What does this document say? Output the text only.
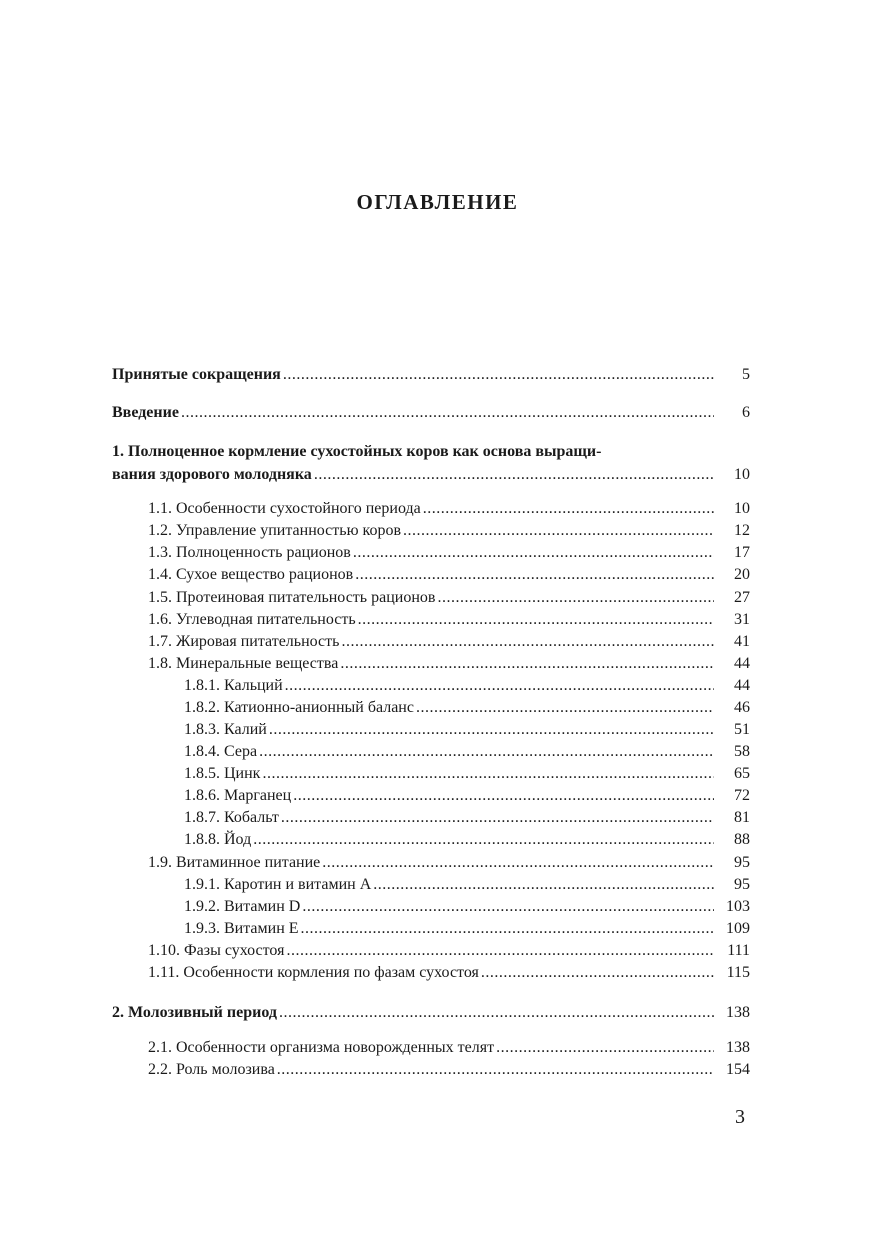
ОГЛАВЛЕНИЕ
Принятые сокращения .....	5
Введение .....	6
1. Полноценное кормление сухостойных коров как основа выращи-
вания здорового молодняка .....	10
1.1. Особенности сухостойного периода .....	10
1.2. Управление упитанностью коров .....	12
1.3. Полноценность рационов .....	17
1.4. Сухое вещество рационов .....	20
1.5. Протеиновая питательность рационов .....	27
1.6. Углеводная питательность .....	31
1.7. Жировая питательность .....	41
1.8. Минеральные вещества .....	44
1.8.1. Кальций .....	44
1.8.2. Катионно-анионный баланс .....	46
1.8.3. Калий .....	51
1.8.4. Сера .....	58
1.8.5. Цинк .....	65
1.8.6. Марганец .....	72
1.8.7. Кобальт .....	81
1.8.8. Йод .....	88
1.9. Витаминное питание .....	95
1.9.1. Каротин и витамин А .....	95
1.9.2. Витамин D .....	103
1.9.3. Витамин Е .....	109
1.10. Фазы сухостоя .....	111
1.11. Особенности кормления по фазам сухостоя .....	115
2. Молозивный период .....	138
2.1. Особенности организма новорожденных телят .....	138
2.2. Роль молозива .....	154
3
